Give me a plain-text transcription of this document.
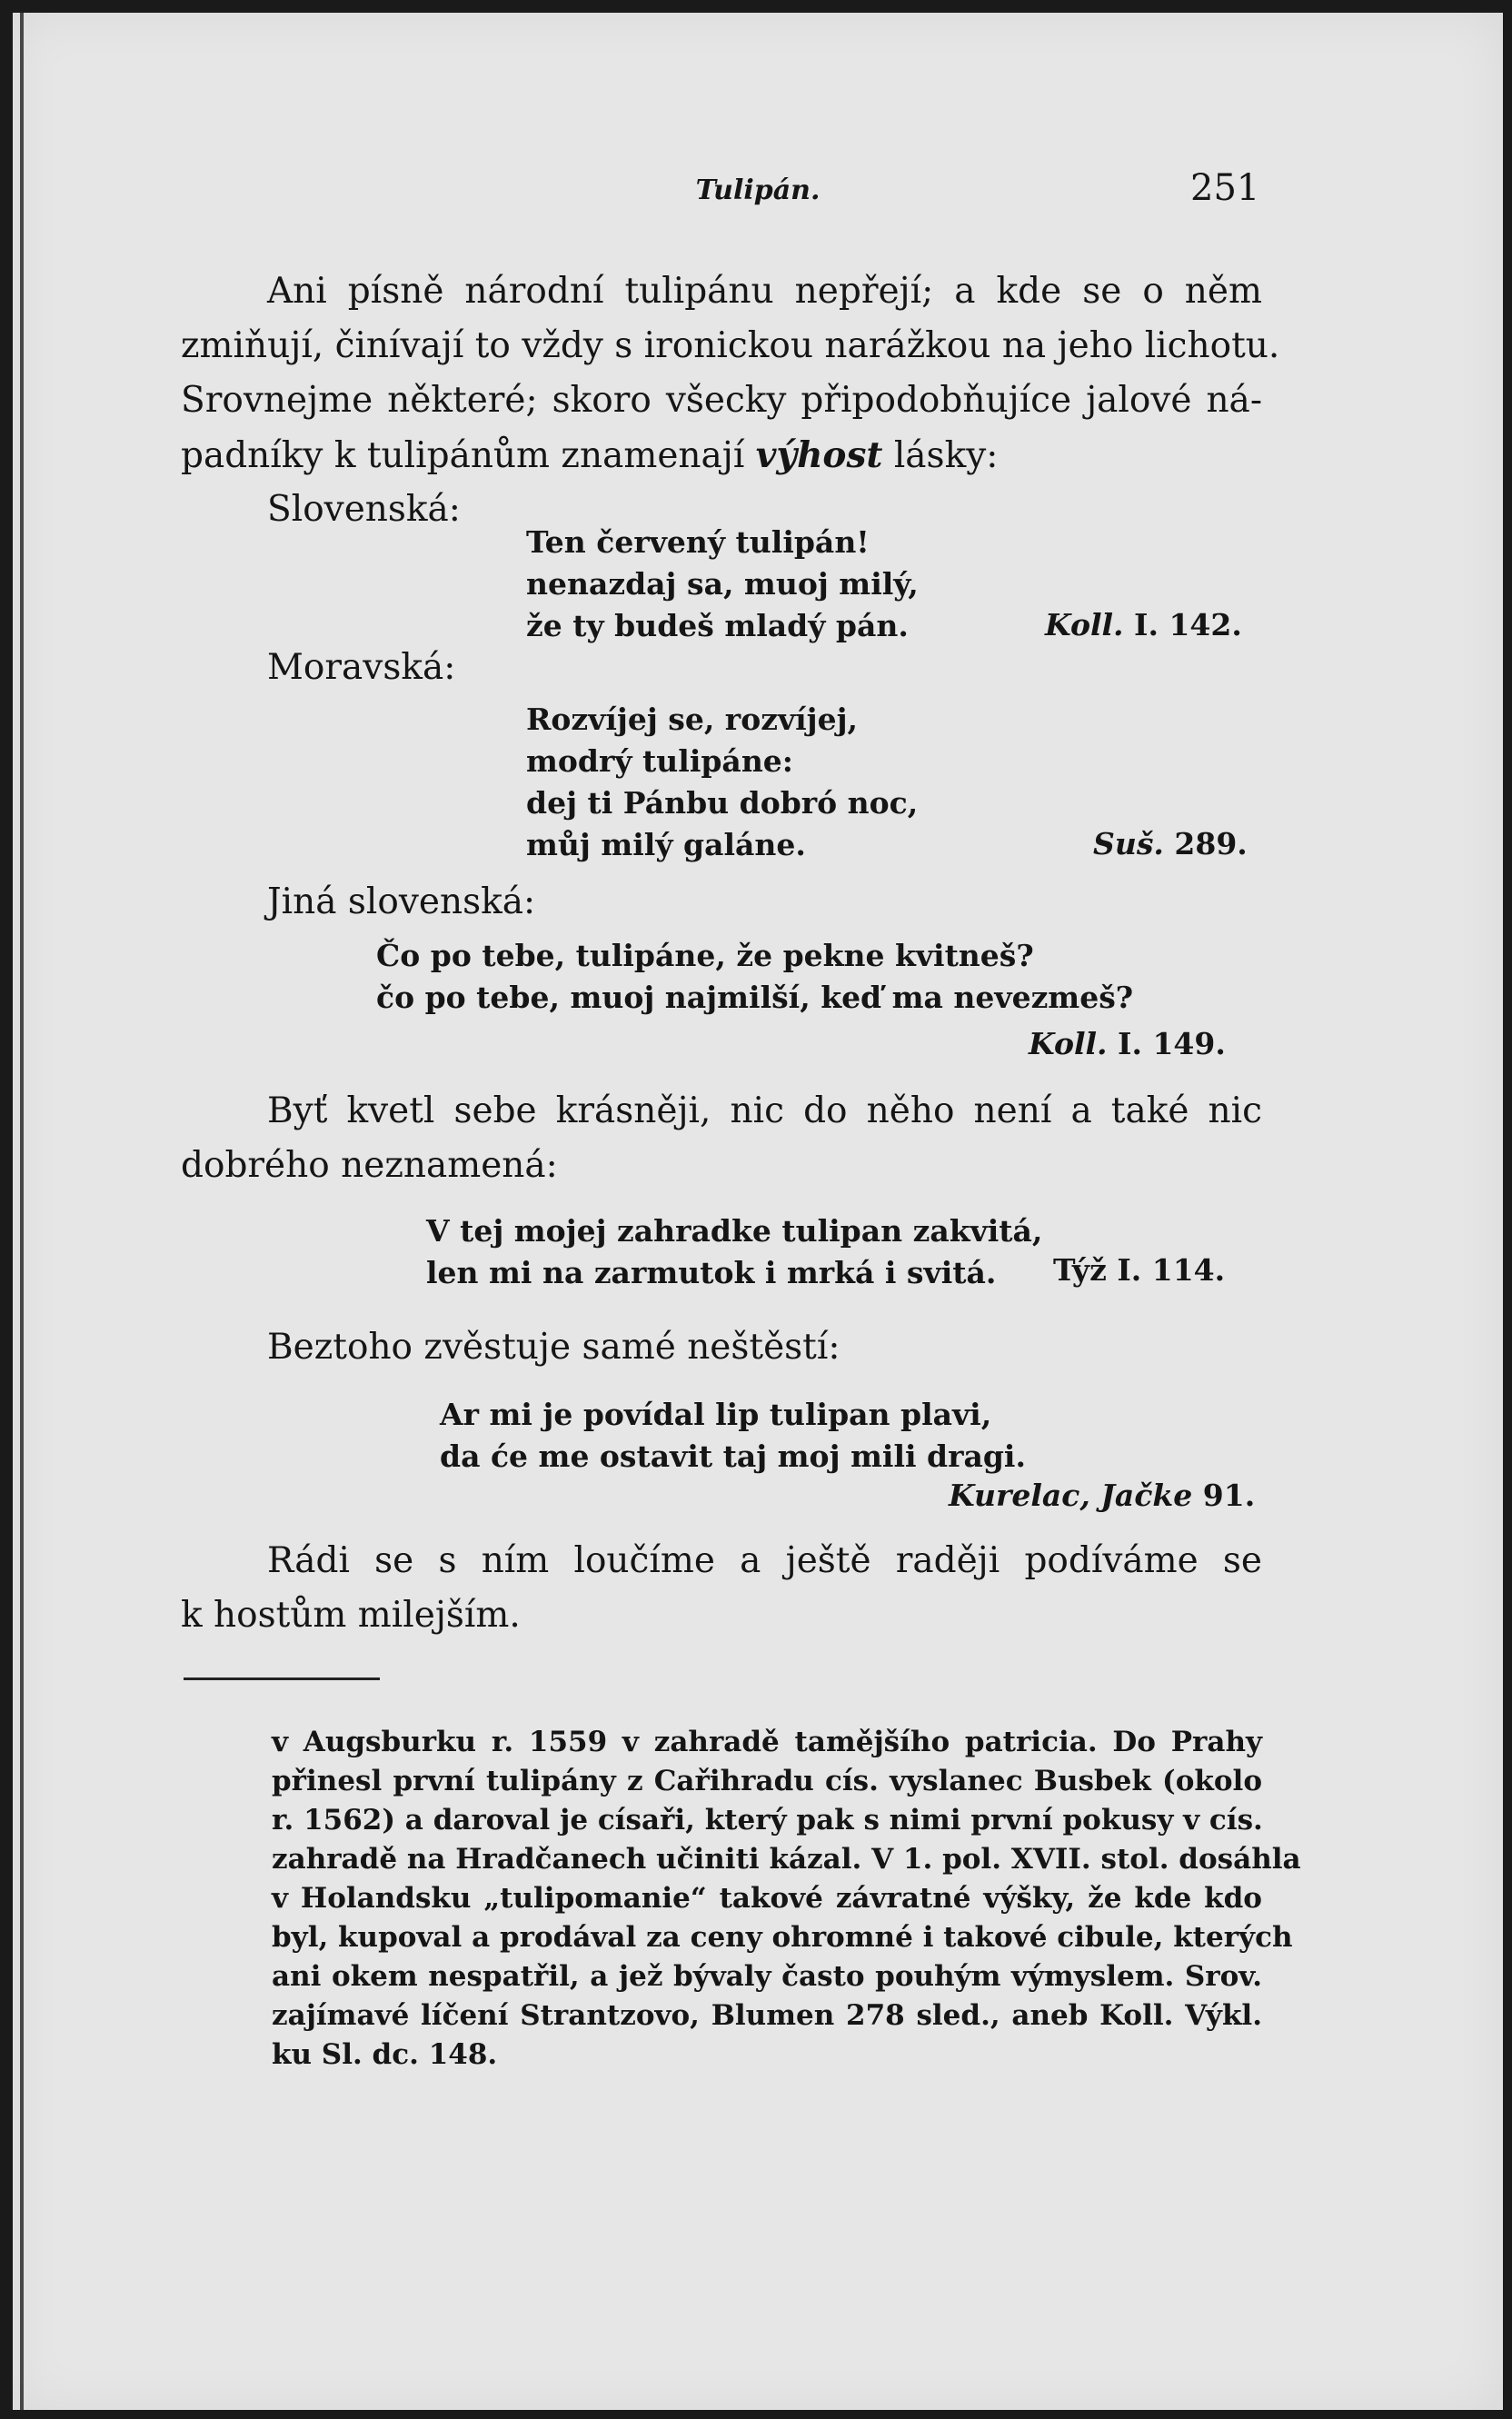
Tulipán.	251
Ani písně národní tulipánu nepřejí; a kde se o něm
zmiňují, činívají to vždy s ironickou narážkou na jeho lichotu.
Srovnejme některé; skoro všecky připodobňujíce jalové ná-
padníky k tulipánům znamenají výhost lásky:
Slovenská:
Ten červený tulipán!
nenazdaj sa, muoj milý,
že ty budeš mladý pán.	Koll. I. 142.
Moravská:
Rozvíjej se, rozvíjej,
modrý tulipáne:
dej ti Pánbu dobró noc,
můj milý galáne.	Suš. 289.
Jiná slovenská:
Čo po tebe, tulipáne, že pekne kvitneš?
čo po tebe, muoj najmilší, keď ma nevezmeš?
Koll. I. 149.
Byť kvetl sebe krásněji, nic do něho není a také nic
dobrého neznamená:
V tej mojej zahradke tulipan zakvitá,
len mi na zarmutok i mrká i svitá.	Týž I. 114.
Beztoho zvěstuje samé neštěstí:
Ar mi je povídal lip tulipan plavi,
da će me ostavit taj moj mili dragi.
Kurelac, Jačke 91.
Rádi se s ním loučíme a ještě raději podíváme se
k hostům milejším.
v Augsburku r. 1559 v zahradě tamějšího patricia. Do Prahy
přinesl první tulipány z Cařihradu cís. vyslanec Busbek (okolo
r. 1562) a daroval je císaři, který pak s nimi první pokusy v cís.
zahradě na Hradčanech učiniti kázal. V 1. pol. XVII. stol. dosáhla
v Holandsku „tulipomanie“ takové závratné výšky, že kde kdo
byl, kupoval a prodával za ceny ohromné i takové cibule, kterých
ani okem nespatřil, a jež bývaly často pouhým výmyslem. Srov.
zajímavé líčení Strantzovo, Blumen 278 sled., aneb Koll. Výkl.
ku Sl. dc. 148.
